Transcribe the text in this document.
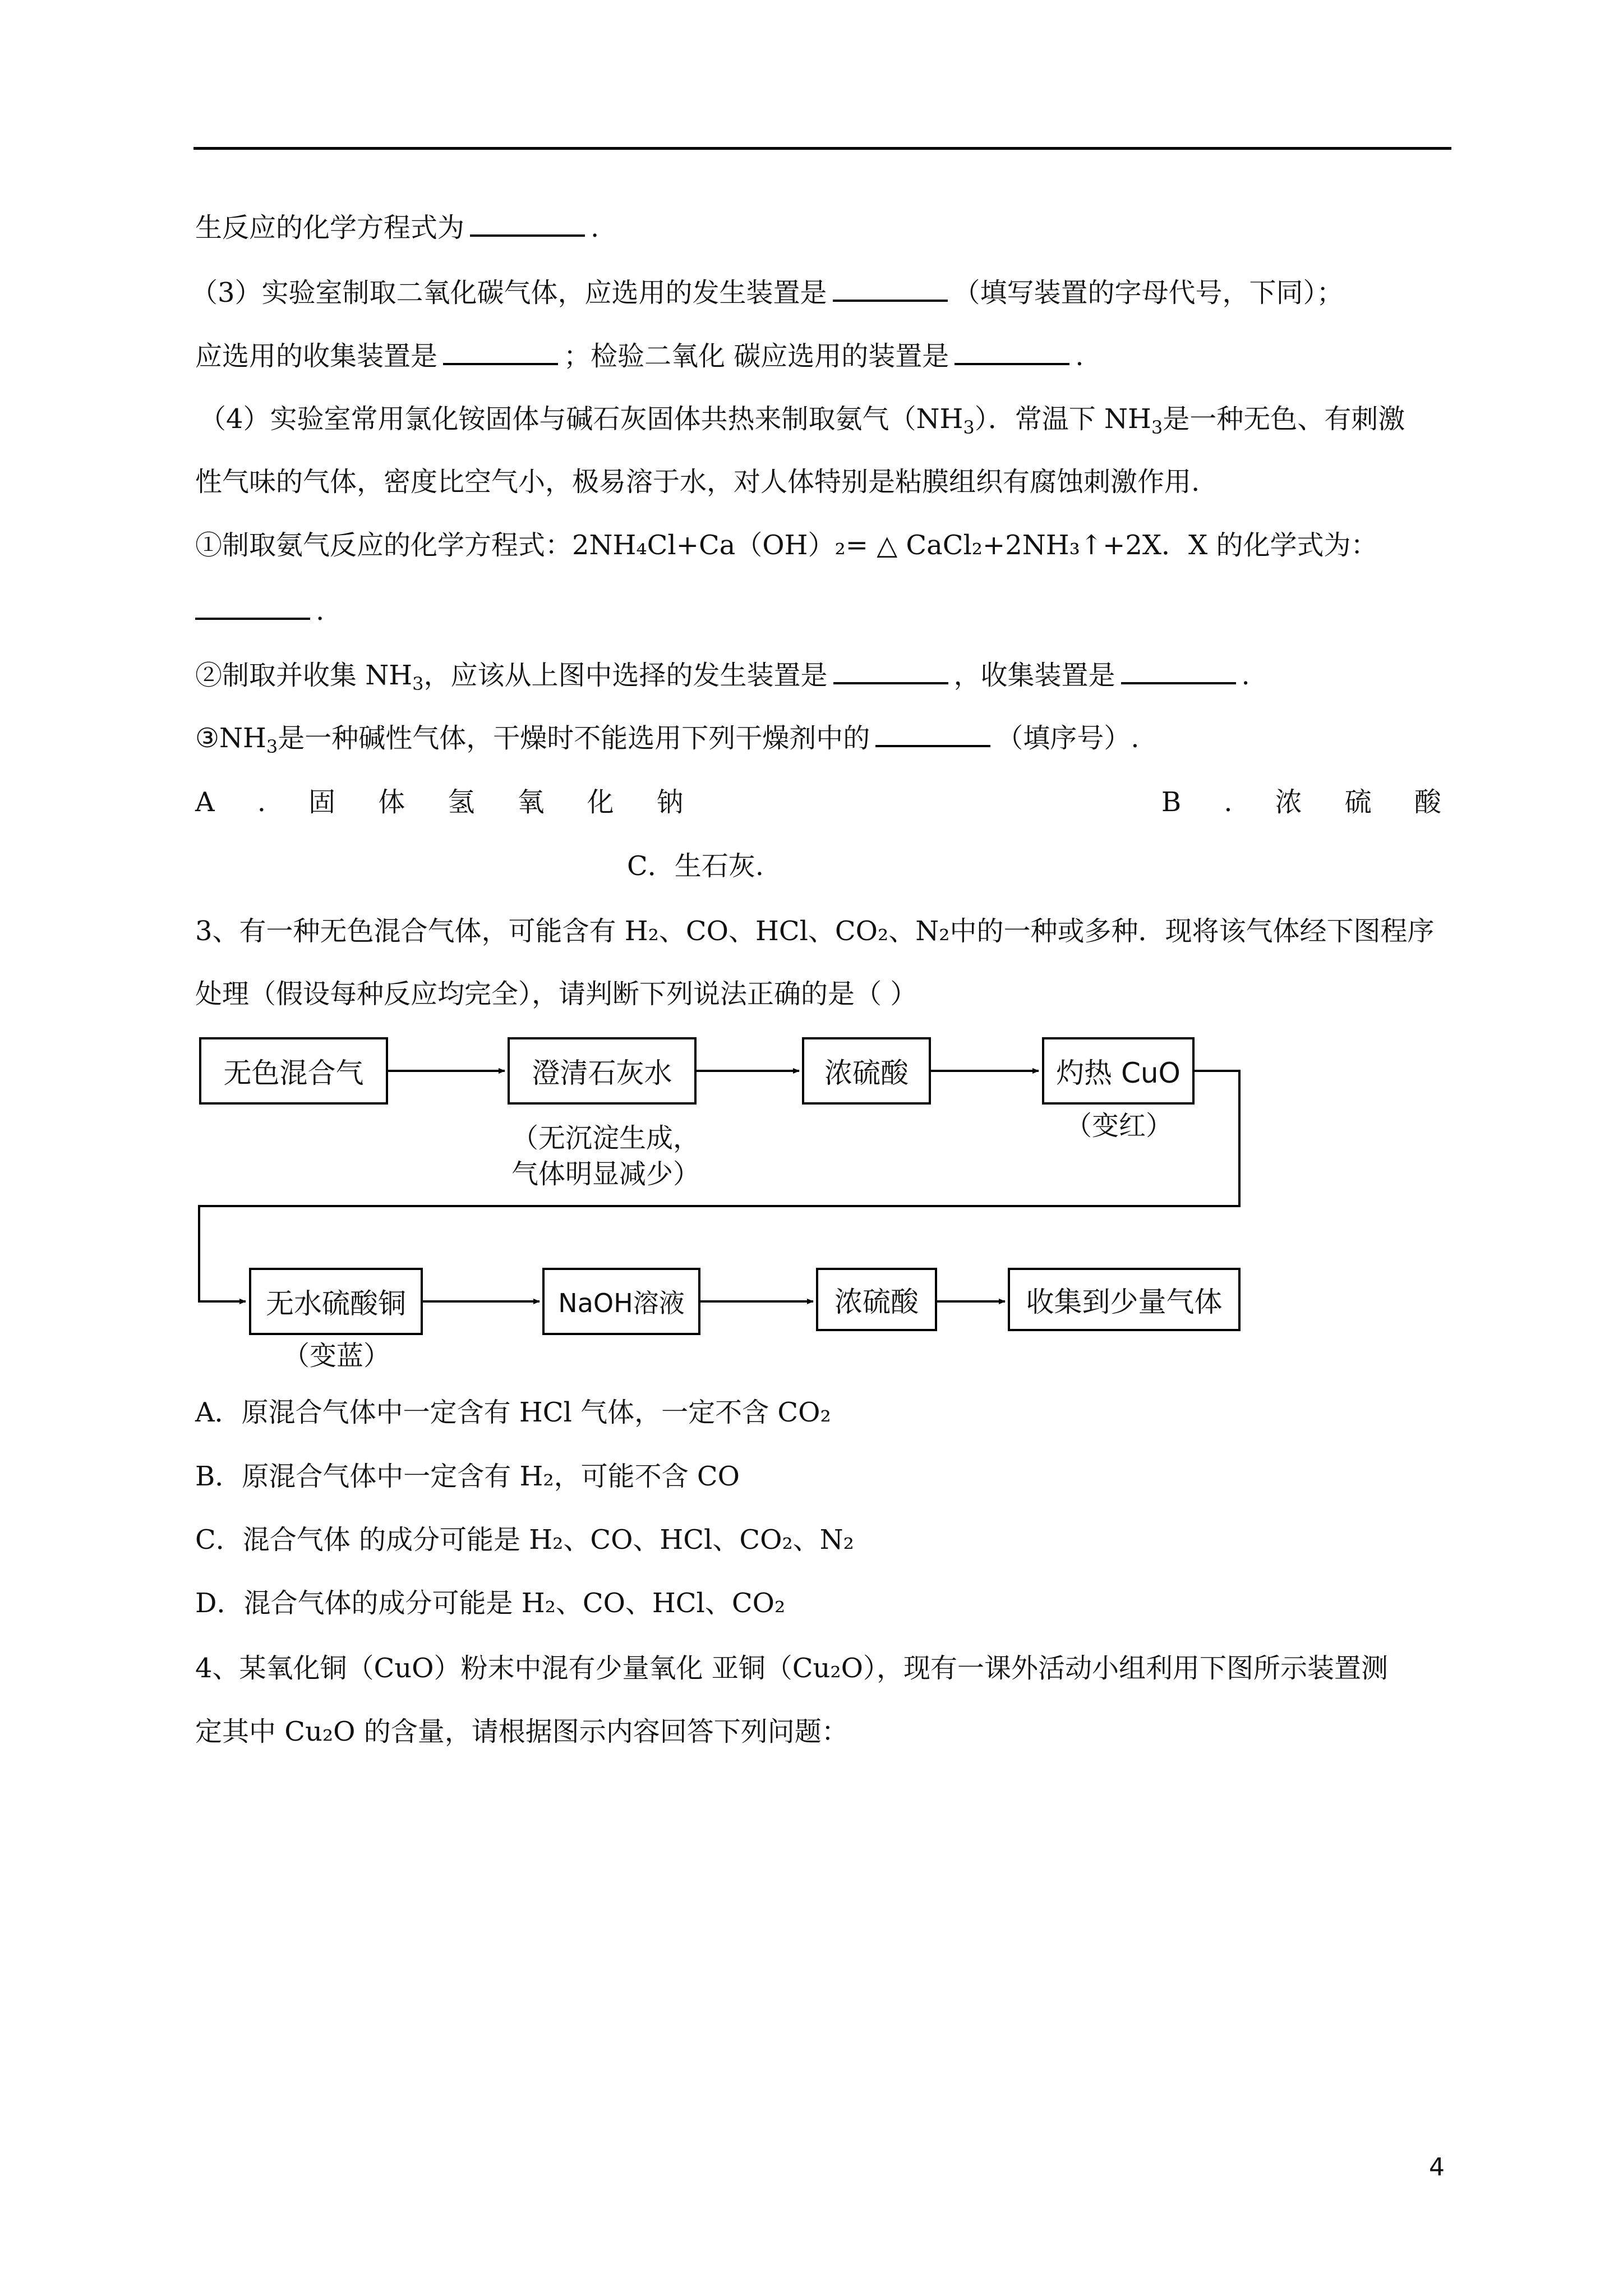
生反应的化学方程式为	.
（3）实验室制取二氧化碳气体，应选用的发生装置是	（填写装置的字母代号，下同）；
应选用的收集装置是	；检验二氧化 碳应选用的装置是	.
（4）实验室常用氯化铵固体与碱石灰固体共热来制取氨气$(NH_3)$．常温下 $NH_3$是一种无色、有刺激
性气味的气体，密度比空气小，极易溶于水，对人体特别是粘膜组织有腐蚀刺激作用.
①制取氨气反应的化学方程式：2NH₄Cl+Ca（OH）₂= △ CaCl₂+2NH₃↑+2X．X 的化学式为：
.
②制取并收集 $NH_3$，应该从上图中选择的发生装置是	，收集装置是	.
$③NH_3$是一种碱性气体，干燥时不能选用下列干燥剂中的	（填序号）.
A . 固 体 氢 氧 化 钠	B . 浓 硫 酸
C．生石灰.
3、有一种无色混合气体，可能含有 H₂、CO、HCl、CO₂、N₂中的一种或多种．现将该气体经下图程序
处理（假设每种反应均完全），请判断下列说法正确的是（ ）
无色混合气	澄清石灰水	浓硫酸	灼热 CuO
（无沉淀生成，
气体明显减少）
（变红）
无水硫酸铜	NaOH溶液	浓硫酸	收集到少量气体
（变蓝）
A．原混合气体中一定含有 HCl 气体，一定不含 CO₂
B．原混合气体中一定含有 H₂，可能不含 CO
C．混合气体 的成分可能是 H₂、CO、HCl、CO₂、N₂
D．混合气体的成分可能是 H₂、CO、HCl、CO₂
4、某氧化铜（CuO）粉末中混有少量氧化 亚铜（Cu₂O），现有一课外活动小组利用下图所示装置测
定其中 Cu₂O 的含量，请根据图示内容回答下列问题：
4
